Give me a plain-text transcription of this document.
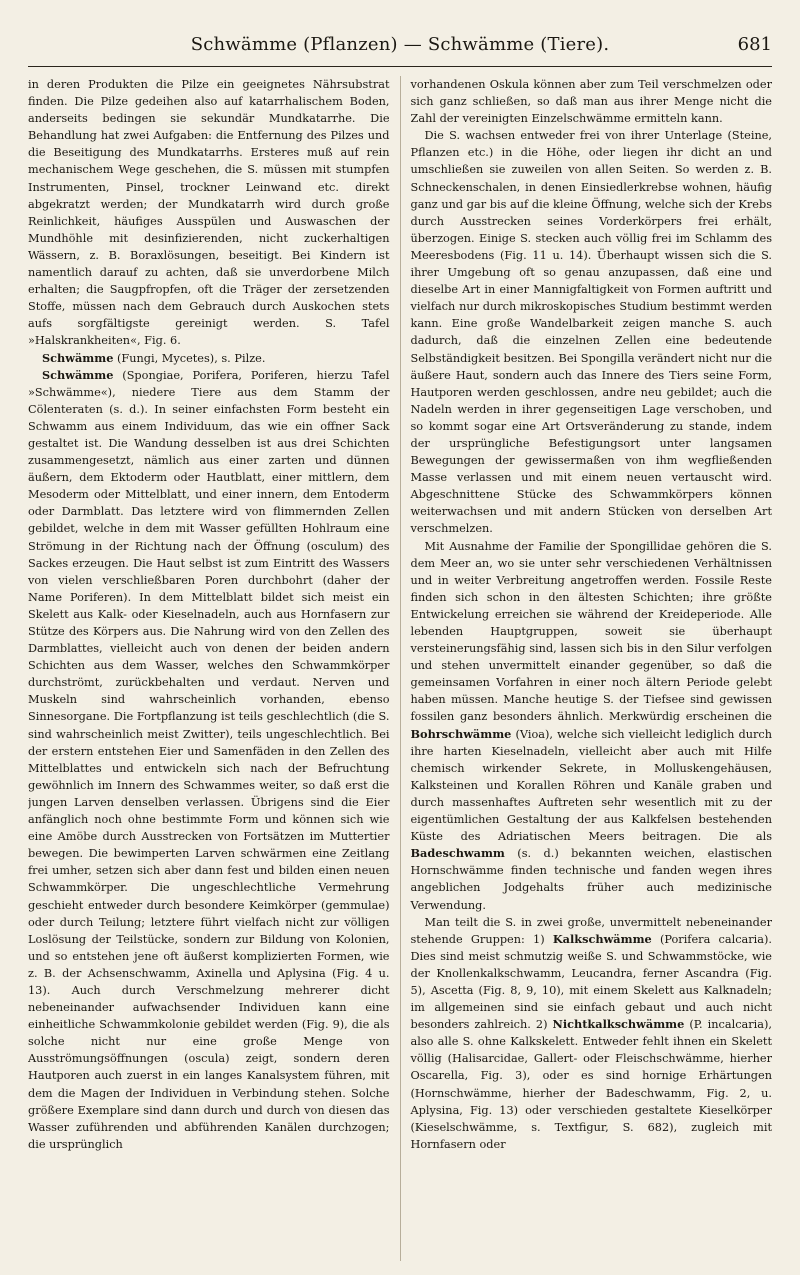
Schwämme (Pflanzen) — Schwämme (Tiere).	681

in deren Produkten die Pilze ein geeignetes Nährsubstrat finden. Die Pilze gedeihen also auf katarrhalischem Boden, anderseits bedingen sie sekundär Mundkatarrhe. Die Behandlung hat zwei Aufgaben: die Entfernung des Pilzes und die Beseitigung des Mundkatarrhs. Ersteres muß auf rein mechanischem Wege geschehen, die S. müssen mit stumpfen Instrumenten, Pinsel, trockner Leinwand etc. direkt abgekratzt werden; der Mundkatarrh wird durch große Reinlichkeit, häufiges Ausspülen und Auswaschen der Mundhöhle mit desinfizierenden, nicht zuckerhaltigen Wässern, z. B. Boraxlösungen, beseitigt. Bei Kindern ist namentlich darauf zu achten, daß sie unverdorbene Milch erhalten; die Saugpfropfen, oft die Träger der zersetzenden Stoffe, müssen nach dem Gebrauch durch Auskochen stets aufs sorgfältigste gereinigt werden. S. Tafel »Halskrankheiten«, Fig. 6.

Schwämme (Fungi, Mycetes), s. Pilze.

Schwämme (Spongiae, Porifera, Poriferen, hierzu Tafel »Schwämme«), niedere Tiere aus dem Stamm der Cölenteraten (s. d.). In seiner einfachsten Form besteht ein Schwamm aus einem Individuum, das wie ein offner Sack gestaltet ist. Die Wandung desselben ist aus drei Schichten zusammengesetzt, nämlich aus einer zarten und dünnen äußern, dem Ektoderm oder Hautblatt, einer mittlern, dem Mesoderm oder Mittelblatt, und einer innern, dem Entoderm oder Darmblatt. Das letztere wird von flimmernden Zellen gebildet, welche in dem mit Wasser gefüllten Hohlraum eine Strömung in der Richtung nach der Öffnung (osculum) des Sackes erzeugen. Die Haut selbst ist zum Eintritt des Wassers von vielen verschließbaren Poren durchbohrt (daher der Name Poriferen). In dem Mittelblatt bildet sich meist ein Skelett aus Kalk- oder Kieselnadeln, auch aus Hornfasern zur Stütze des Körpers aus. Die Nahrung wird von den Zellen des Darmblattes, vielleicht auch von denen der beiden andern Schichten aus dem Wasser, welches den Schwammkörper durchströmt, zurückbehalten und verdaut. Nerven und Muskeln sind wahrscheinlich vorhanden, ebenso Sinnesorgane. Die Fortpflanzung ist teils geschlechtlich (die S. sind wahrscheinlich meist Zwitter), teils ungeschlechtlich. Bei der erstern entstehen Eier und Samenfäden in den Zellen des Mittelblattes und entwickeln sich nach der Befruchtung gewöhnlich im Innern des Schwammes weiter, so daß erst die jungen Larven denselben verlassen. Übrigens sind die Eier anfänglich noch ohne bestimmte Form und können sich wie eine Amöbe durch Ausstrecken von Fortsätzen im Muttertier bewegen. Die bewimperten Larven schwärmen eine Zeitlang frei umher, setzen sich aber dann fest und bilden einen neuen Schwammkörper. Die ungeschlechtliche Vermehrung geschieht entweder durch besondere Keimkörper (gemmulae) oder durch Teilung; letztere führt vielfach nicht zur völligen Loslösung der Teilstücke, sondern zur Bildung von Kolonien, und so entstehen jene oft äußerst komplizierten Formen, wie z. B. der Achsenschwamm, Axinella und Aplysina (Fig. 4 u. 13). Auch durch Verschmelzung mehrerer dicht nebeneinander aufwachsender Individuen kann eine einheitliche Schwammkolonie gebildet werden (Fig. 9), die als solche nicht nur eine große Menge von Ausströmungsöffnungen (oscula) zeigt, sondern deren Hautporen auch zuerst in ein langes Kanalsystem führen, mit dem die Magen der Individuen in Verbindung stehen. Solche größere Exemplare sind dann durch und durch von diesen das Wasser zuführenden und abführenden Kanälen durchzogen; die ursprünglich

vorhandenen Oskula können aber zum Teil verschmelzen oder sich ganz schließen, so daß man aus ihrer Menge nicht die Zahl der vereinigten Einzelschwämme ermitteln kann.

Die S. wachsen entweder frei von ihrer Unterlage (Steine, Pflanzen etc.) in die Höhe, oder liegen ihr dicht an und umschließen sie zuweilen von allen Seiten. So werden z. B. Schneckenschalen, in denen Einsiedlerkrebse wohnen, häufig ganz und gar bis auf die kleine Öffnung, welche sich der Krebs durch Ausstrecken seines Vorderkörpers frei erhält, überzogen. Einige S. stecken auch völlig frei im Schlamm des Meeresbodens (Fig. 11 u. 14). Überhaupt wissen sich die S. ihrer Umgebung oft so genau anzupassen, daß eine und dieselbe Art in einer Mannigfaltigkeit von Formen auftritt und vielfach nur durch mikroskopisches Studium bestimmt werden kann. Eine große Wandelbarkeit zeigen manche S. auch dadurch, daß die einzelnen Zellen eine bedeutende Selbständigkeit besitzen. Bei Spongilla verändert nicht nur die äußere Haut, sondern auch das Innere des Tiers seine Form, Hautporen werden geschlossen, andre neu gebildet; auch die Nadeln werden in ihrer gegenseitigen Lage verschoben, und so kommt sogar eine Art Ortsveränderung zu stande, indem der ursprüngliche Befestigungsort unter langsamen Bewegungen der gewissermaßen von ihm wegfließenden Masse verlassen und mit einem neuen vertauscht wird. Abgeschnittene Stücke des Schwammkörpers können weiterwachsen und mit andern Stücken von derselben Art verschmelzen.

Mit Ausnahme der Familie der Spongillidae gehören die S. dem Meer an, wo sie unter sehr verschiedenen Verhältnissen und in weiter Verbreitung angetroffen werden. Fossile Reste finden sich schon in den ältesten Schichten; ihre größte Entwickelung erreichen sie während der Kreideperiode. Alle lebenden Hauptgruppen, soweit sie überhaupt versteinerungsfähig sind, lassen sich bis in den Silur verfolgen und stehen unvermittelt einander gegenüber, so daß die gemeinsamen Vorfahren in einer noch ältern Periode gelebt haben müssen. Manche heutige S. der Tiefsee sind gewissen fossilen ganz besonders ähnlich. Merkwürdig erscheinen die Bohrschwämme (Vioa), welche sich vielleicht lediglich durch ihre harten Kieselnadeln, vielleicht aber auch mit Hilfe chemisch wirkender Sekrete, in Molluskengehäusen, Kalksteinen und Korallen Röhren und Kanäle graben und durch massenhaftes Auftreten sehr wesentlich mit zu der eigentümlichen Gestaltung der aus Kalkfelsen bestehenden Küste des Adriatischen Meers beitragen. Die als Badeschwamm (s. d.) bekannten weichen, elastischen Hornschwämme finden technische und fanden wegen ihres angeblichen Jodgehalts früher auch medizinische Verwendung.

Man teilt die S. in zwei große, unvermittelt nebeneinander stehende Gruppen: 1) Kalkschwämme (Porifera calcaria). Dies sind meist schmutzig weiße S. und Schwammstöcke, wie der Knollenkalkschwamm, Leucandra, ferner Ascandra (Fig. 5), Ascetta (Fig. 8, 9, 10), mit einem Skelett aus Kalknadeln; im allgemeinen sind sie einfach gebaut und auch nicht besonders zahlreich. 2) Nichtkalkschwämme (P. incalcaria), also alle S. ohne Kalkskelett. Entweder fehlt ihnen ein Skelett völlig (Halisarcidae, Gallert- oder Fleischschwämme, hierher Oscarella, Fig. 3), oder es sind hornige Erhärtungen (Hornschwämme, hierher der Badeschwamm, Fig. 2, u. Aplysina, Fig. 13) oder verschieden gestaltete Kieselkörper (Kieselschwämme, s. Textfigur, S. 682), zugleich mit Hornfasern oder
